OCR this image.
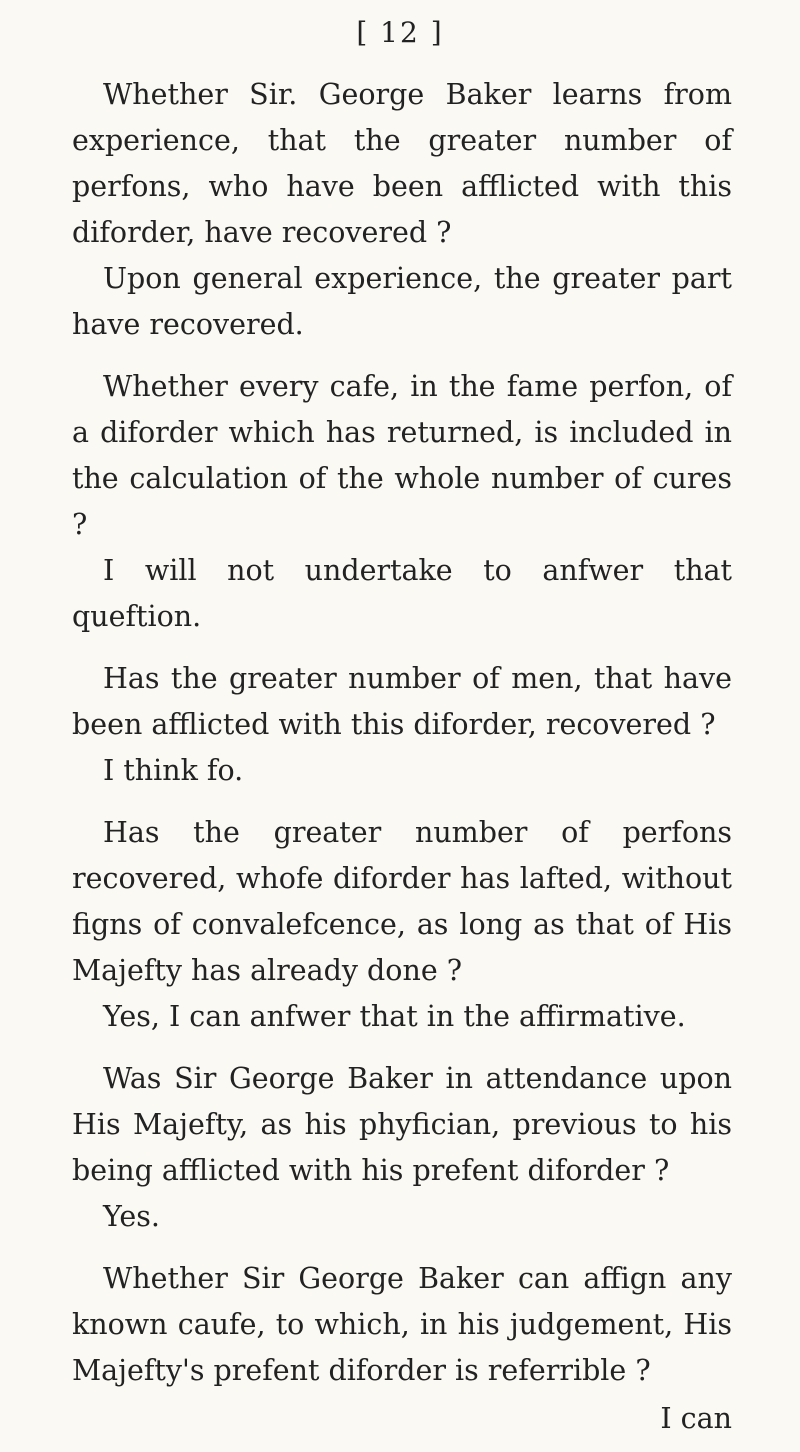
[ 12 ]

Whether Sir. George Baker learns from experience, that the greater number of perfons, who have been afflicted with this diforder, have recovered ?

Upon general experience, the greater part have recovered.

Whether every cafe, in the fame perfon, of a diforder which has returned, is included in the calculation of the whole number of cures ?

I will not undertake to anfwer that queftion.

Has the greater number of men, that have been afflicted with this diforder, recovered ?

I think fo.

Has the greater number of perfons recovered, whofe diforder has lafted, without figns of convalefcence, as long as that of His Majefty has already done ?

Yes, I can anfwer that in the affirmative.

Was Sir George Baker in attendance upon His Majefty, as his phyfician, previous to his being afflicted with his prefent diforder ?

Yes.

Whether Sir George Baker can affign any known caufe, to which, in his judgement, His Majefty's prefent diforder is referrible ?

I can
